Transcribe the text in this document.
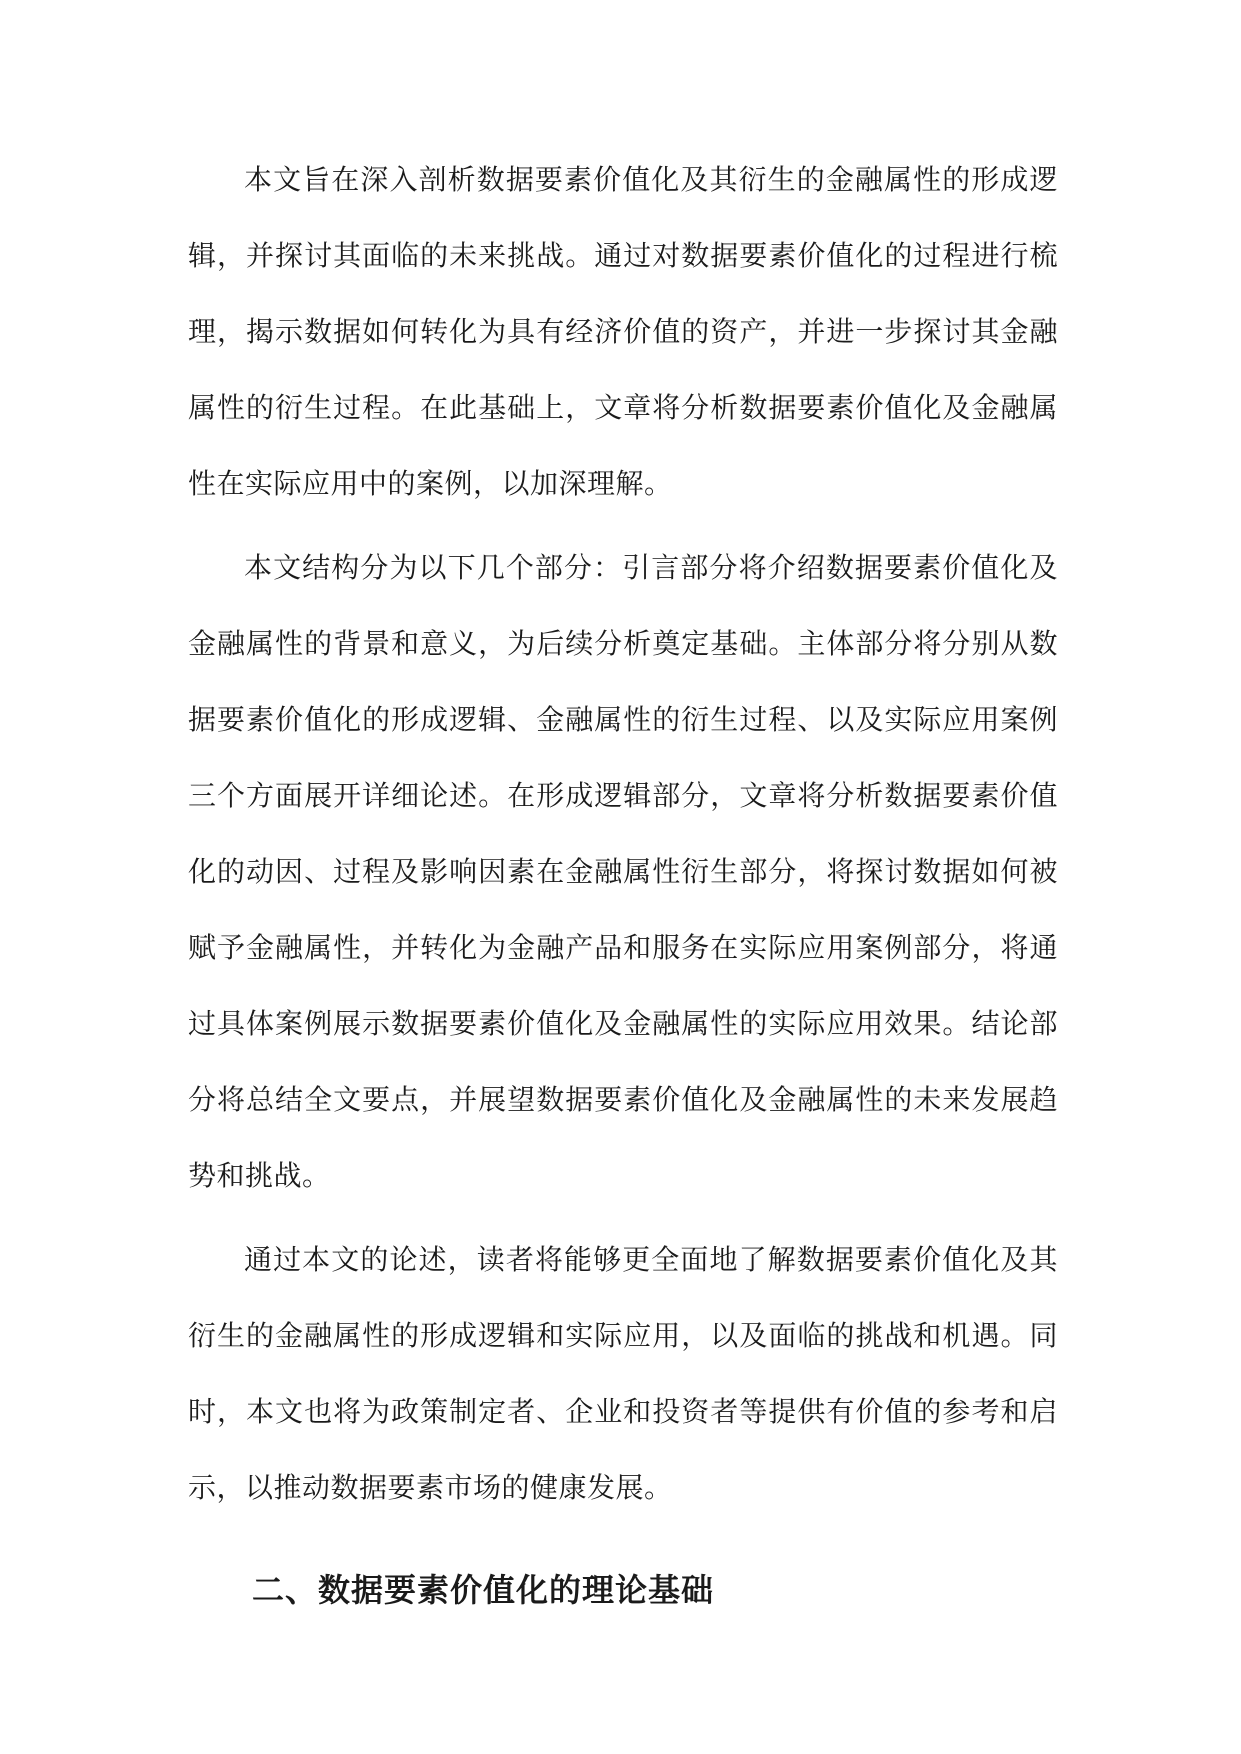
本文旨在深入剖析数据要素价值化及其衍生的金融属性的形成逻辑，并探讨其面临的未来挑战。通过对数据要素价值化的过程进行梳理，揭示数据如何转化为具有经济价值的资产，并进一步探讨其金融属性的衍生过程。在此基础上，文章将分析数据要素价值化及金融属性在实际应用中的案例，以加深理解。

本文结构分为以下几个部分：引言部分将介绍数据要素价值化及金融属性的背景和意义，为后续分析奠定基础。主体部分将分别从数据要素价值化的形成逻辑、金融属性的衍生过程、以及实际应用案例三个方面展开详细论述。在形成逻辑部分，文章将分析数据要素价值化的动因、过程及影响因素在金融属性衍生部分，将探讨数据如何被赋予金融属性，并转化为金融产品和服务在实际应用案例部分，将通过具体案例展示数据要素价值化及金融属性的实际应用效果。结论部分将总结全文要点，并展望数据要素价值化及金融属性的未来发展趋势和挑战。

通过本文的论述，读者将能够更全面地了解数据要素价值化及其衍生的金融属性的形成逻辑和实际应用，以及面临的挑战和机遇。同时，本文也将为政策制定者、企业和投资者等提供有价值的参考和启示，以推动数据要素市场的健康发展。

二、数据要素价值化的理论基础
